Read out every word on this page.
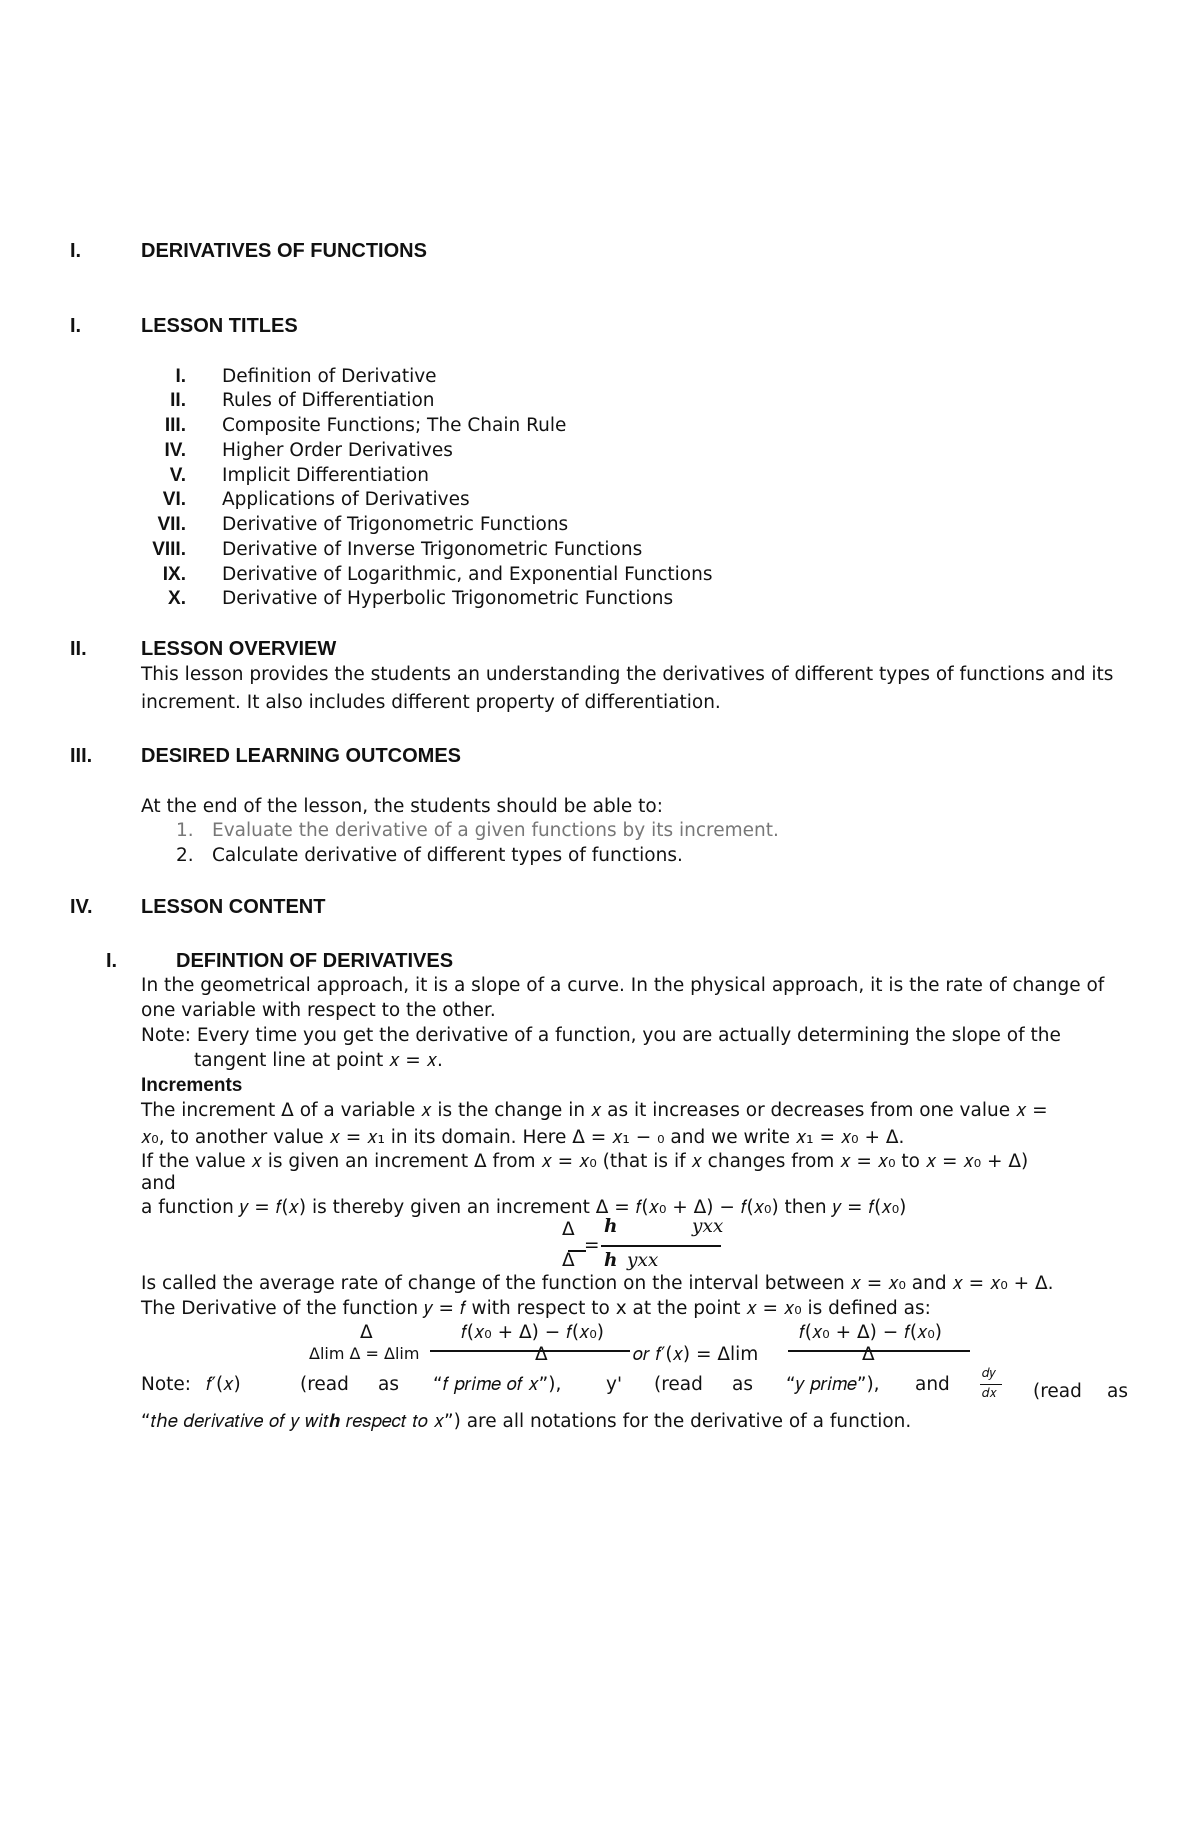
I.	DERIVATIVES OF FUNCTIONS
I.	LESSON TITLES
I. Definition of Derivative
II. Rules of Differentiation
III. Composite Functions; The Chain Rule
IV. Higher Order Derivatives
V. Implicit Differentiation
VI. Applications of Derivatives
VII. Derivative of Trigonometric Functions
VIII. Derivative of Inverse Trigonometric Functions
IX. Derivative of Logarithmic, and Exponential Functions
X. Derivative of Hyperbolic Trigonometric Functions
II.	LESSON OVERVIEW
This lesson provides the students an understanding the derivatives of different types of functions and its
increment. It also includes different property of differentiation.
III. DESIRED LEARNING OUTCOMES
At the end of the lesson, the students should be able to:
1. Evaluate the derivative of a given functions by its increment.
2. Calculate derivative of different types of functions.
IV. LESSON CONTENT
I.	DEFINTION OF DERIVATIVES
In the geometrical approach, it is a slope of a curve. In the physical approach, it is the rate of change of
one variable with respect to the other.
Note: Every time you get the derivative of a function, you are actually determining the slope of the
tangent line at point 𝑥 = 𝑥.
Increments
The increment Δ of a variable 𝑥 is the change in 𝑥 as it increases or decreases from one value 𝑥 =
𝑥₀, to another value 𝑥 = 𝑥₁ in its domain. Here Δ = 𝑥₁ − ₀ and we write 𝑥₁ = 𝑥₀ + Δ.
If the value 𝑥 is given an increment Δ from 𝑥 = 𝑥₀ (that is if 𝑥 changes from 𝑥 = 𝑥₀ to 𝑥 = 𝑥₀ + Δ)
and
a function 𝑦 = 𝑓(𝑥) is thereby given an increment Δ = 𝑓(𝑥₀ + Δ) − 𝑓(𝑥₀) then 𝑦 = 𝑓(𝑥₀)
Δ
=
Δ
𝒉	𝑦𝑥𝑥
𝒉 𝑦𝑥𝑥
Is called the average rate of change of the function on the interval between 𝑥 = 𝑥₀ and 𝑥 = 𝑥₀ + Δ.
The Derivative of the function 𝑦 = 𝑓 with respect to x at the point 𝑥 = 𝑥₀ is defined as:
Δ
Δlim Δ = Δlim
𝑓(𝑥₀ + Δ) − 𝑓(𝑥₀)
Δ	𝑜𝑟 𝑓′(𝑥) = Δlim
𝑓(𝑥₀ + Δ) − 𝑓(𝑥₀)
Δ
Note: 𝑓′(𝑥)	(read as “𝑓 𝑝𝑟𝑖𝑚𝑒 𝑜𝑓 𝑥”), y' (read as “𝑦 𝑝𝑟𝑖𝑚𝑒”), and
𝑑𝑦
𝑑𝑥 (read as
“𝑡ℎ𝑒 𝑑𝑒𝑟𝑖𝑣𝑎𝑡𝑖𝑣𝑒 𝑜𝑓 𝑦 𝑤𝑖𝑡𝒉 𝑟𝑒𝑠𝑝𝑒𝑐𝑡 𝑡𝑜 𝑥”) are all notations for the derivative of a function.
